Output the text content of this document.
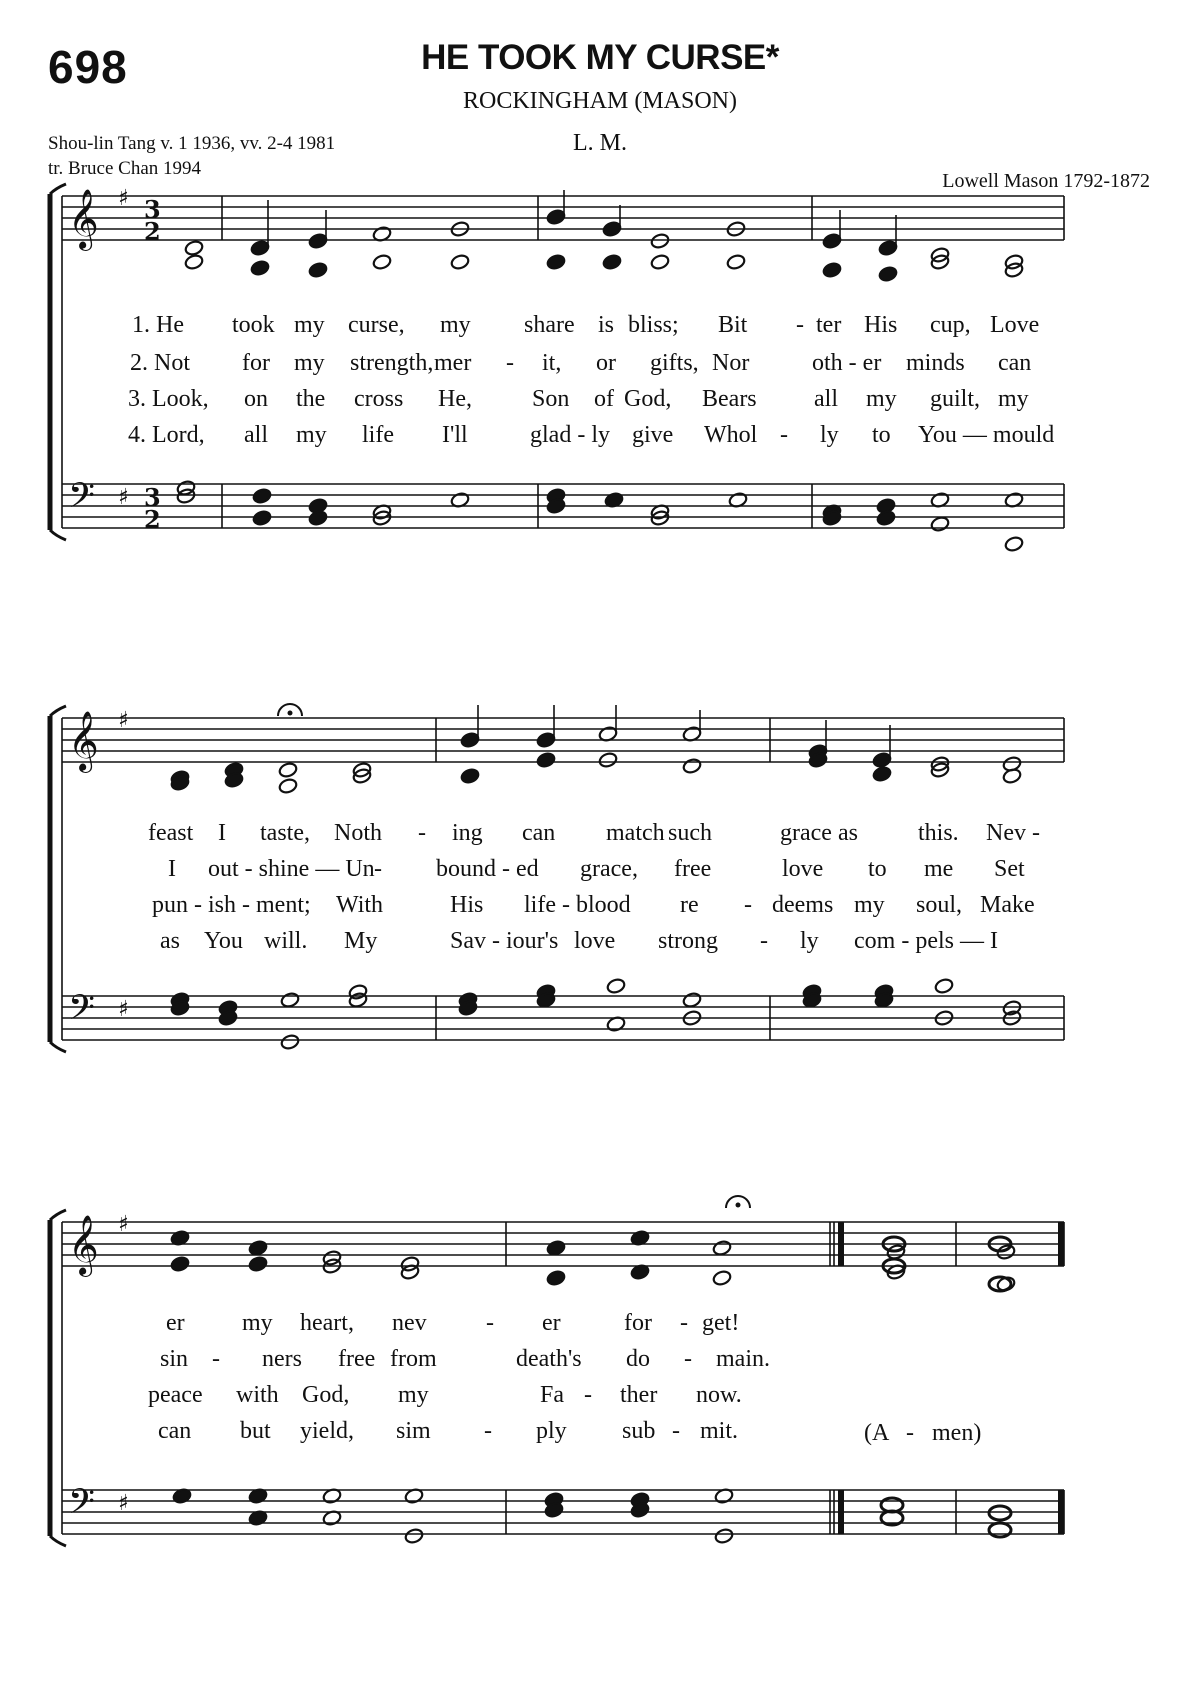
698	HE TOOK MY CURSE*
ROCKINGHAM (MASON)
L. M.
Shou-lin Tang v. 1 1936, vv. 2-4 1981
tr. Bruce Chan 1994
Lowell Mason 1792-1872
𝄞
𝄢
♯
♯
3
2
3
2
𝄞
𝄢
♯
♯
𝄞
𝄢
♯
♯
1. He took my curse, my share is bliss; Bit - ter His cup, Love
2. Not for my strength, mer - it, or gifts, Nor	oth - er minds can
3. Look, on the cross He,	Son of God, Bears all my guilt, my
4. Lord, all my life I'll	glad - ly give Whol - ly to You — mould
feast I taste, Noth - ing can match such	grace as	this. Nev -
I out - shine — Un - bound - ed grace, free	love to me Set
pun - ish - ment; With	His life - blood re - deems my soul, Make
as You will. My	Sav - iour's love strong - ly com - pels — I
er my heart, nev - er	for - get!
sin - ners free from	death's do - main.
peace with God, my	Fa - ther now.
can but yield, sim - ply sub - mit.	(A   -   men)
